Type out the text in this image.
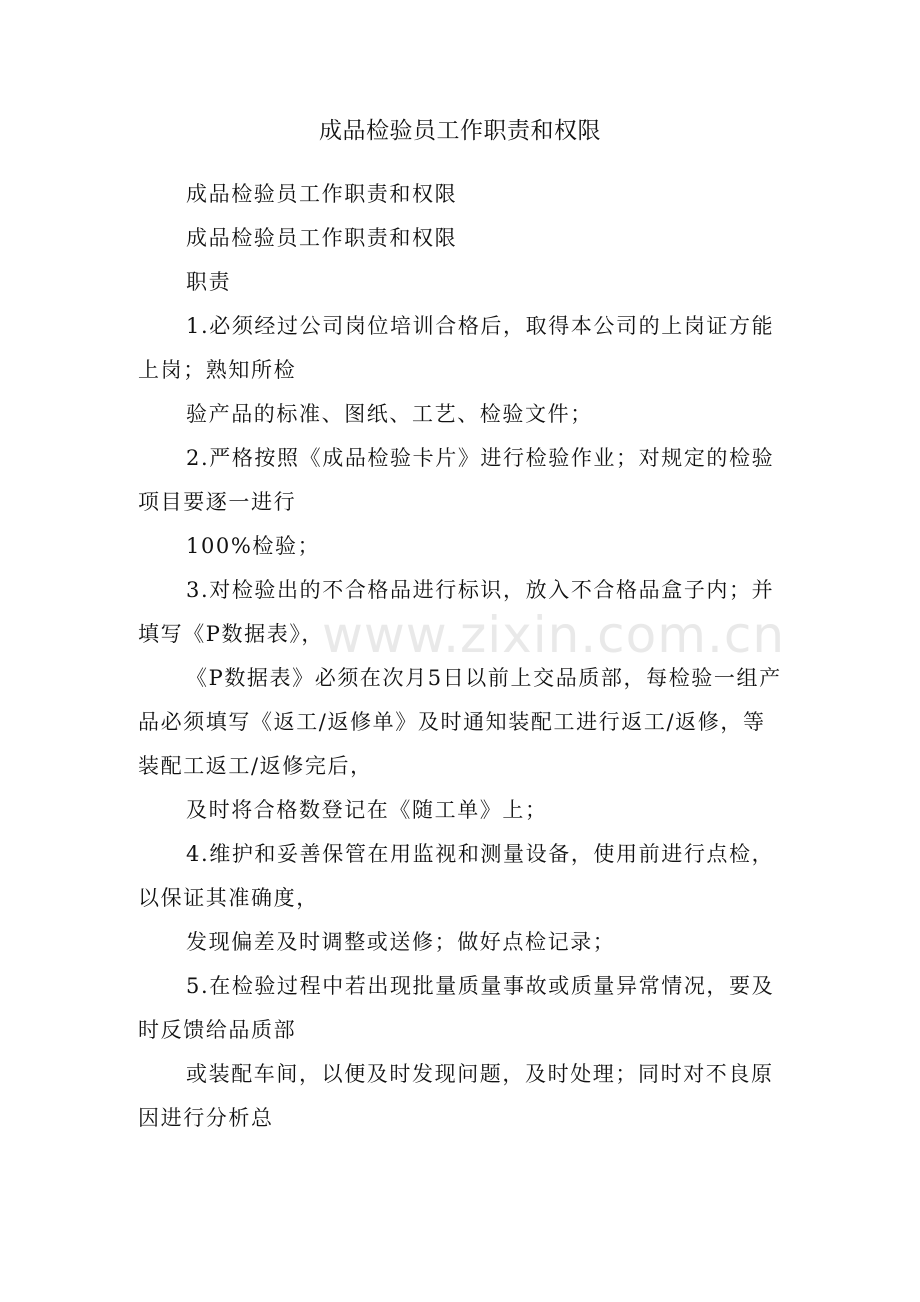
www.zixin.com.cn
成品检验员工作职责和权限

成品检验员工作职责和权限

成品检验员工作职责和权限

职责

1.必须经过公司岗位培训合格后，取得本公司的上岗证方能上岗；熟知所检

验产品的标准、图纸、工艺、检验文件；

2.严格按照《成品检验卡片》进行检验作业；对规定的检验项目要逐一进行

100%检验；

3.对检验出的不合格品进行标识，放入不合格品盒子内；并填写《P数据表》，

《P数据表》必须在次月5日以前上交品质部，每检验一组产品必须填写《返工/返修单》及时通知装配工进行返工/返修，等装配工返工/返修完后，

及时将合格数登记在《随工单》上；

4.维护和妥善保管在用监视和测量设备，使用前进行点检，以保证其准确度，

发现偏差及时调整或送修；做好点检记录；

5.在检验过程中若出现批量质量事故或质量异常情况，要及时反馈给品质部

或装配车间，以便及时发现问题，及时处理；同时对不良原因进行分析总
